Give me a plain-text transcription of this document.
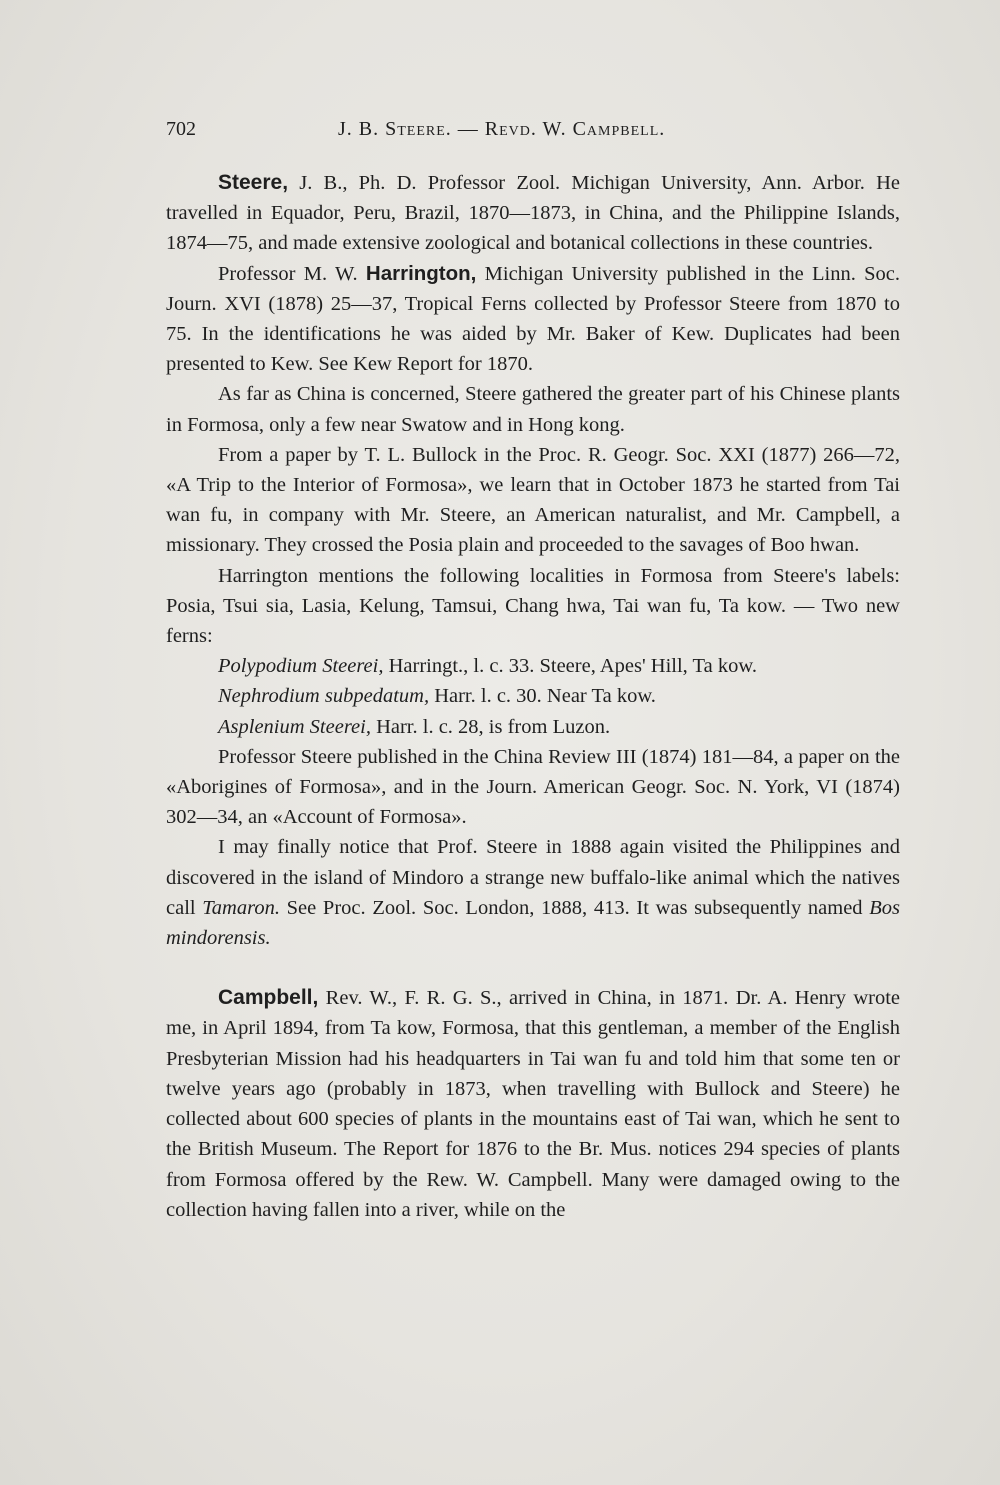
702	J. B. Steere. — Revd. W. Campbell.

Steere, J. B., Ph. D. Professor Zool. Michigan University, Ann. Arbor. He travelled in Equador, Peru, Brazil, 1870—1873, in China, and the Philippine Islands, 1874—75, and made extensive zoological and botanical collections in these countries.

Professor M. W. Harrington, Michigan University published in the Linn. Soc. Journ. XVI (1878) 25—37, Tropical Ferns collected by Professor Steere from 1870 to 75. In the identifications he was aided by Mr. Baker of Kew. Duplicates had been presented to Kew. See Kew Report for 1870.

As far as China is concerned, Steere gathered the greater part of his Chinese plants in Formosa, only a few near Swatow and in Hong kong.

From a paper by T. L. Bullock in the Proc. R. Geogr. Soc. XXI (1877) 266—72, «A Trip to the Interior of Formosa», we learn that in October 1873 he started from Tai wan fu, in company with Mr. Steere, an American naturalist, and Mr. Campbell, a missionary. They crossed the Posia plain and proceeded to the savages of Boo hwan.

Harrington mentions the following localities in Formosa from Steere's labels: Posia, Tsui sia, Lasia, Kelung, Tamsui, Chang hwa, Tai wan fu, Ta kow. — Two new ferns:

Polypodium Steerei, Harringt., l. c. 33. Steere, Apes' Hill, Ta kow.

Nephrodium subpedatum, Harr. l. c. 30. Near Ta kow.

Asplenium Steerei, Harr. l. c. 28, is from Luzon.

Professor Steere published in the China Review III (1874) 181—84, a paper on the «Aborigines of Formosa», and in the Journ. American Geogr. Soc. N. York, VI (1874) 302—34, an «Account of Formosa».

I may finally notice that Prof. Steere in 1888 again visited the Philippines and discovered in the island of Mindoro a strange new buffalo-like animal which the natives call Tamaron. See Proc. Zool. Soc. London, 1888, 413. It was subsequently named Bos mindorensis.

Campbell, Rev. W., F. R. G. S., arrived in China, in 1871. Dr. A. Henry wrote me, in April 1894, from Ta kow, Formosa, that this gentleman, a member of the English Presbyterian Mission had his headquarters in Tai wan fu and told him that some ten or twelve years ago (probably in 1873, when travelling with Bullock and Steere) he collected about 600 species of plants in the mountains east of Tai wan, which he sent to the British Museum. The Report for 1876 to the Br. Mus. notices 294 species of plants from Formosa offered by the Rew. W. Campbell. Many were damaged owing to the collection having fallen into a river, while on the
